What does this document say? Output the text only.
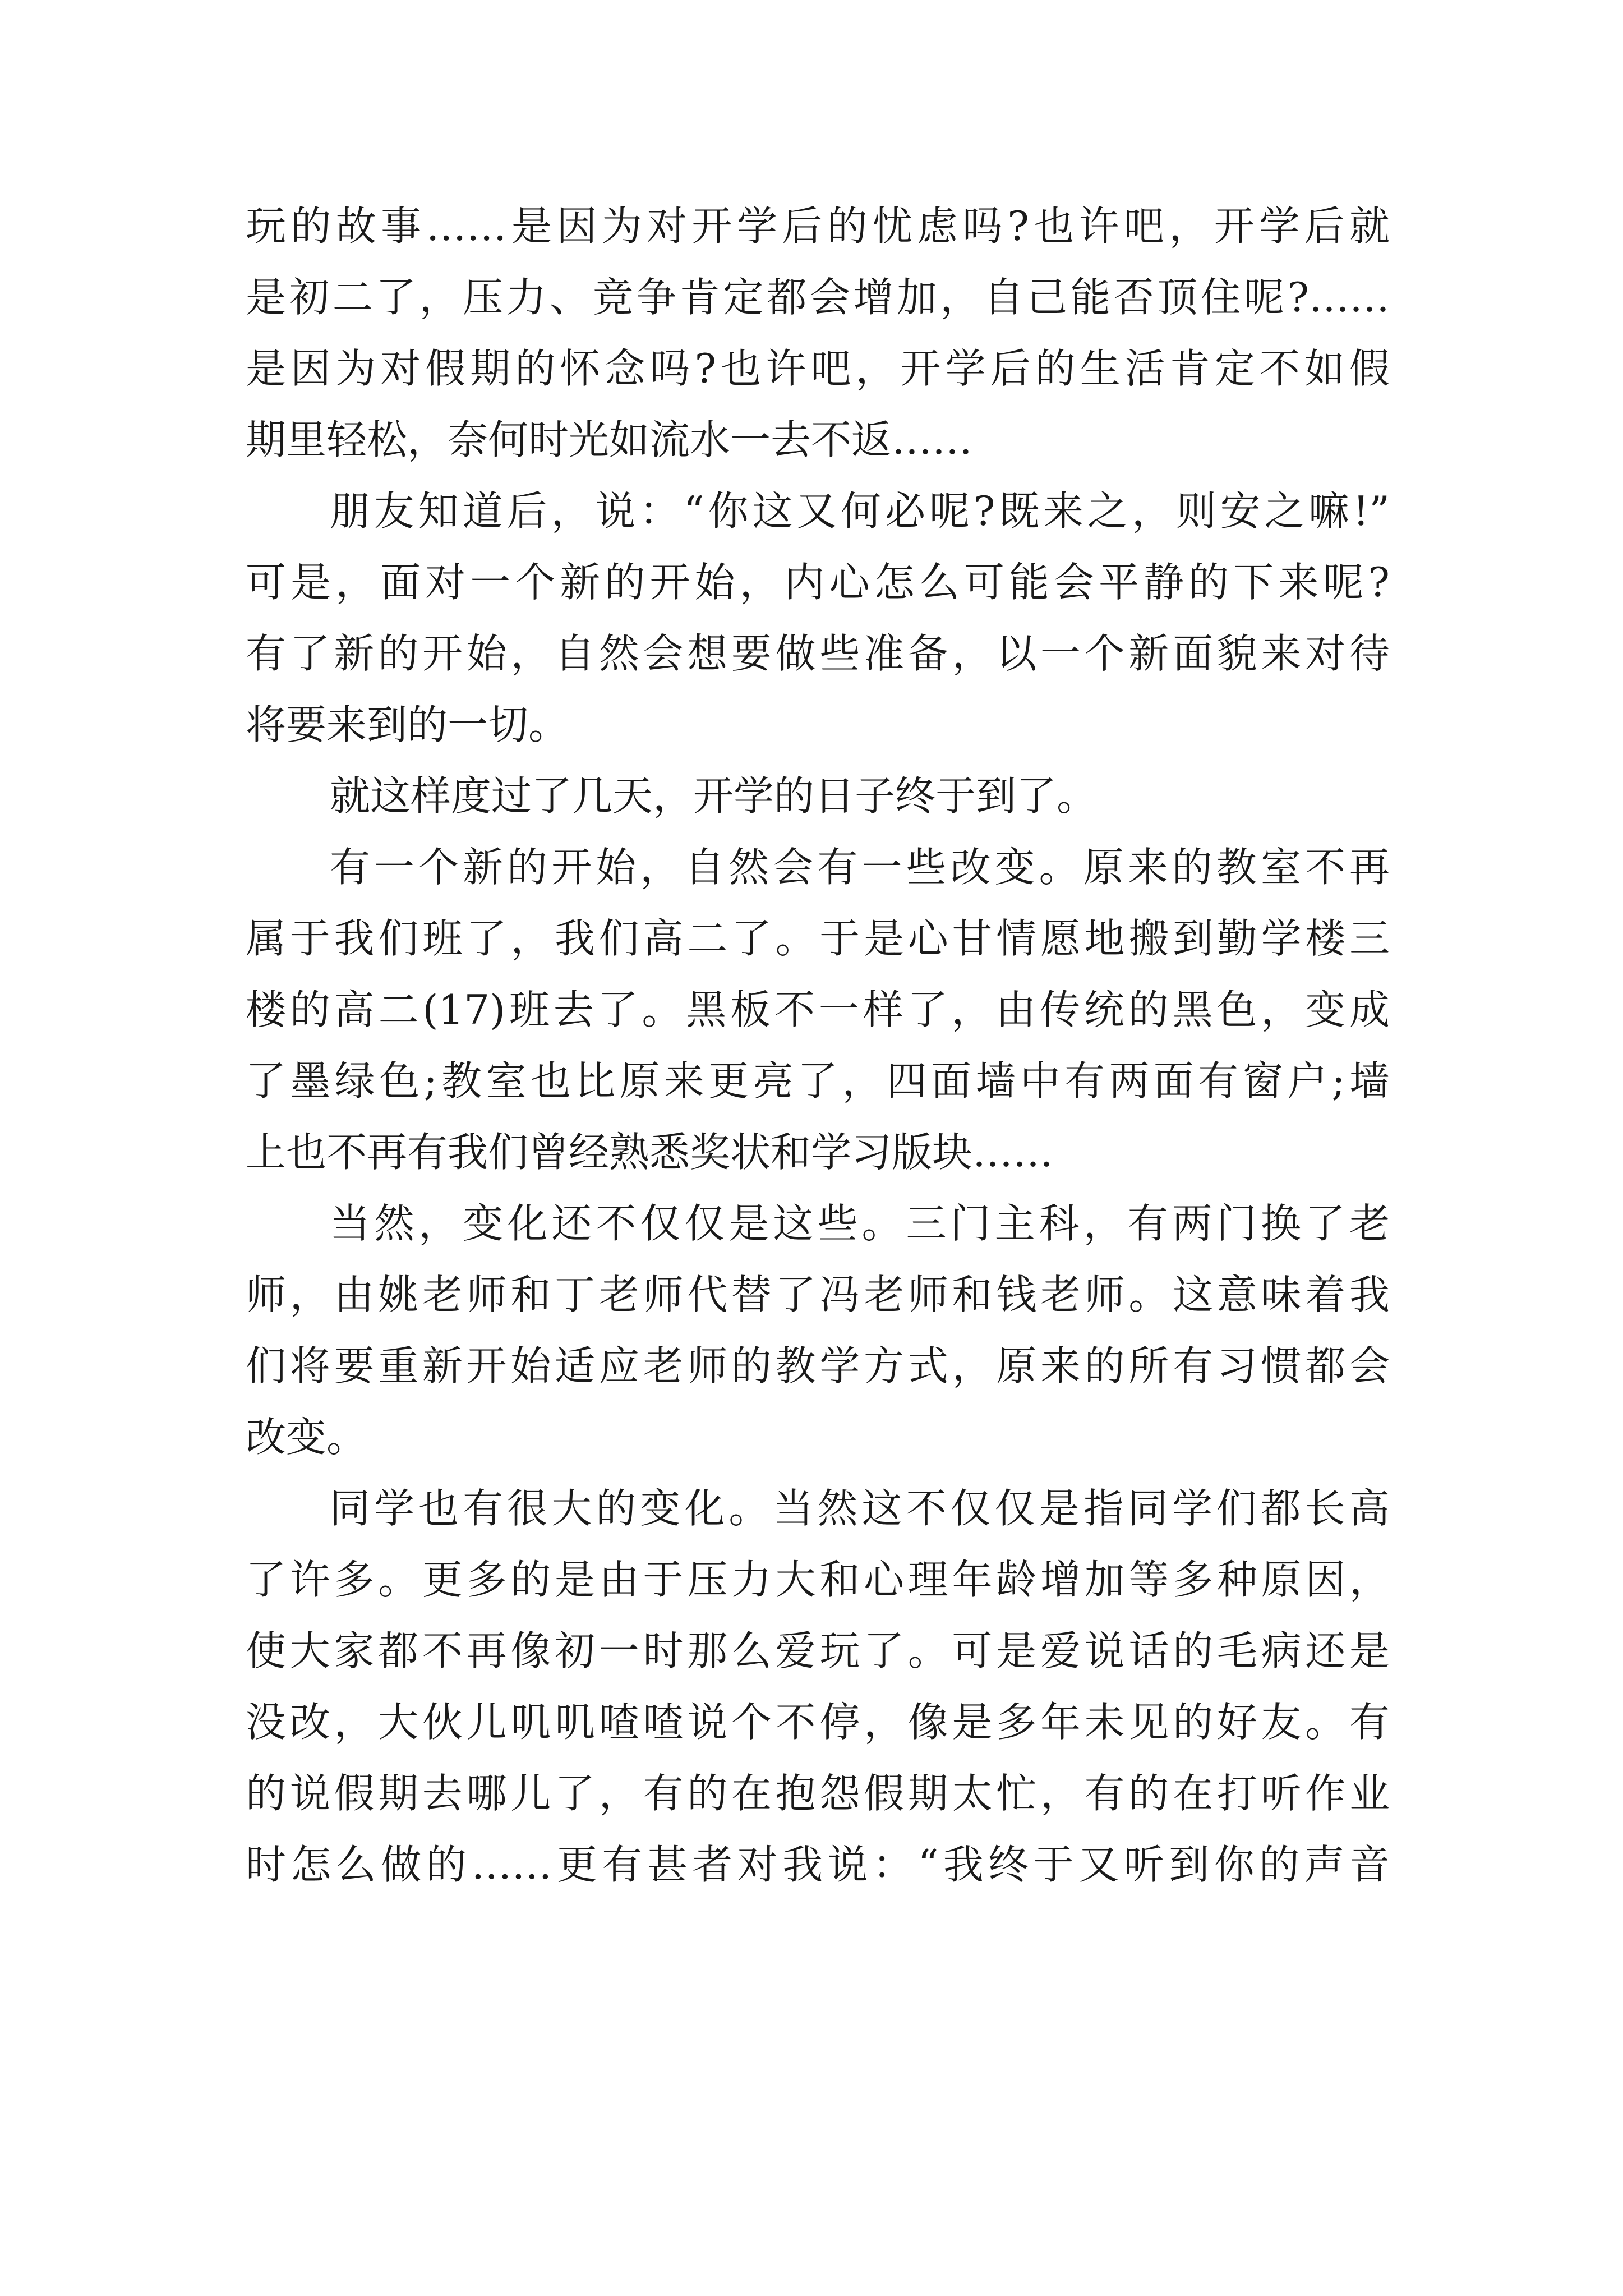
玩的故事……是因为对开学后的忧虑吗?也许吧，开学后就
是初二了，压力、竞争肯定都会增加，自己能否顶住呢?……
是因为对假期的怀念吗?也许吧，开学后的生活肯定不如假
期里轻松，奈何时光如流水一去不返……
朋友知道后，说：“你这又何必呢?既来之，则安之嘛!”
可是，面对一个新的开始，内心怎么可能会平静的下来呢?
有了新的开始，自然会想要做些准备，以一个新面貌来对待
将要来到的一切。
就这样度过了几天，开学的日子终于到了。
有一个新的开始，自然会有一些改变。原来的教室不再
属于我们班了，我们高二了。于是心甘情愿地搬到勤学楼三
楼的高二(17)班去了。黑板不一样了，由传统的黑色，变成
了墨绿色;教室也比原来更亮了，四面墙中有两面有窗户;墙
上也不再有我们曾经熟悉奖状和学习版块……
当然，变化还不仅仅是这些。三门主科，有两门换了老
师，由姚老师和丁老师代替了冯老师和钱老师。这意味着我
们将要重新开始适应老师的教学方式，原来的所有习惯都会
改变。
同学也有很大的变化。当然这不仅仅是指同学们都长高
了许多。更多的是由于压力大和心理年龄增加等多种原因，
使大家都不再像初一时那么爱玩了。可是爱说话的毛病还是
没改，大伙儿叽叽喳喳说个不停，像是多年未见的好友。有
的说假期去哪儿了，有的在抱怨假期太忙，有的在打听作业
时怎么做的……更有甚者对我说：“我终于又听到你的声音
